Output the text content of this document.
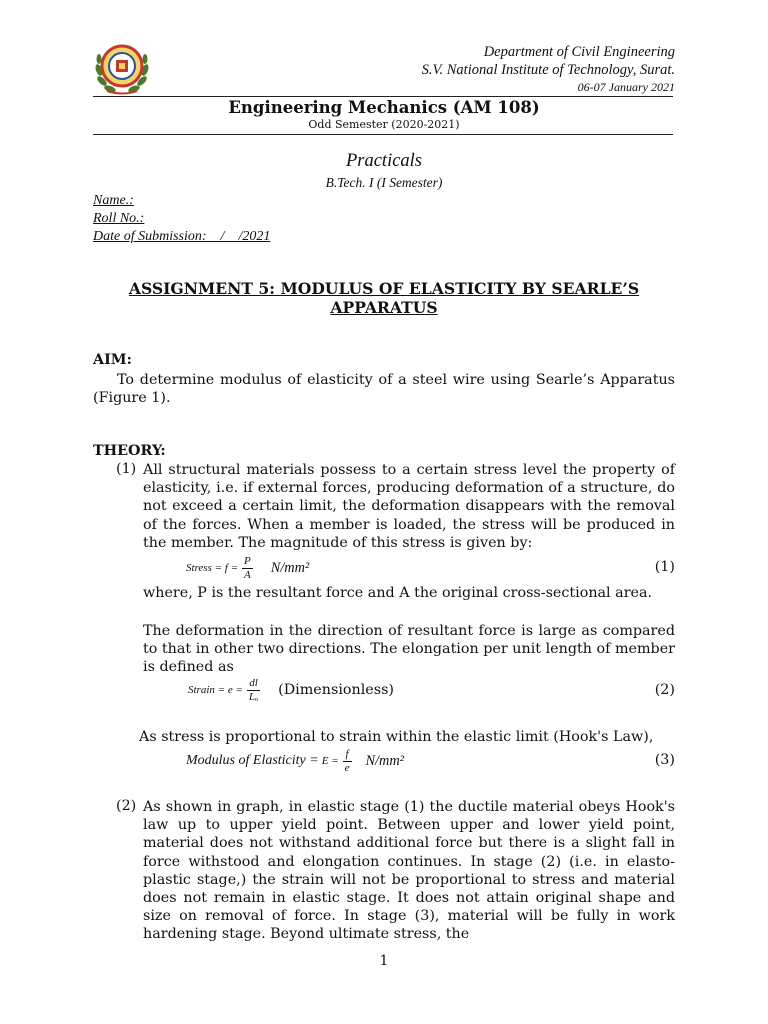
Department of Civil Engineering
S.V. National Institute of Technology, Surat.
06-07 January 2021
Engineering Mechanics (AM 108)
Odd Semester (2020-2021)
Practicals
B.Tech. I (I Semester)
Name.:
Roll No.:
Date of Submission:    /    /2021
ASSIGNMENT 5: MODULUS OF ELASTICITY BY SEARLE’S
APPARATUS
AIM:
To determine modulus of elasticity of a steel wire using Searle’s Apparatus (Figure 1).
THEORY:
(1) All structural materials possess to a certain stress level the property of elasticity, i.e. if external forces, producing deformation of a structure, do not exceed a certain limit, the deformation disappears with the removal of the forces. When a member is loaded, the stress will be produced in the member. The magnitude of this stress is given by:
Stress = $f = \frac{P}{A} N/mm^2$	(1)
where, P is the resultant force and A the original cross-sectional area.
The deformation in the direction of resultant force is large as compared to that in other two directions. The elongation per unit length of member is defined as
Strain = $e = \frac{dl}{\text{Lₒ}}$ (Dimensionless)	(2)
As stress is proportional to strain within the elastic limit (Hook's Law),
Modulus of Elasticity = $E = \frac{f}{e} N/mm^2$	(3)
(2) As shown in graph, in elastic stage (1) the ductile material obeys Hook's law up to upper yield point. Between upper and lower yield point, material does not withstand additional force but there is a slight fall in force withstood and elongation continues. In stage (2) (i.e. in elasto-plastic stage,) the strain will not be proportional to stress and material does not remain in elastic stage. It does not attain original shape and size on removal of force. In stage (3), material will be fully in work hardening stage. Beyond ultimate stress, the
1
